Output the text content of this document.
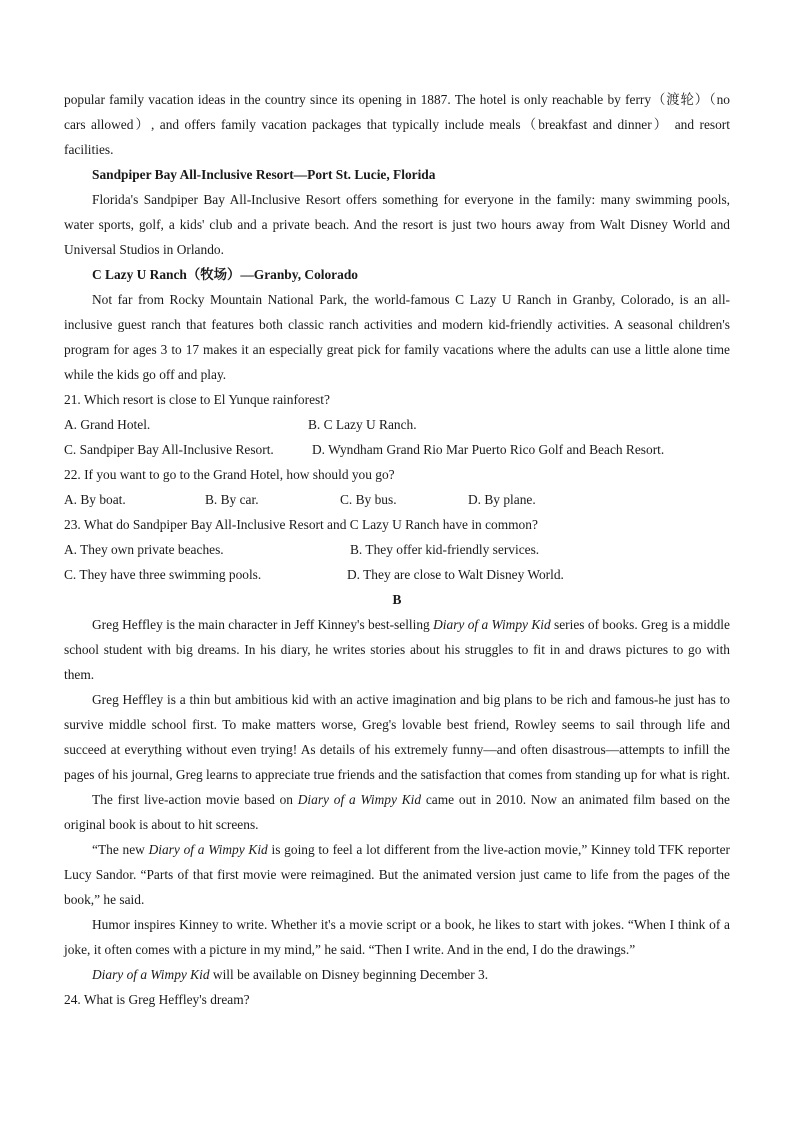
popular family vacation ideas in the country since its opening in 1887. The hotel is only reachable by ferry（渡轮）（no cars allowed）, and offers family vacation packages that typically include meals（breakfast and dinner） and resort facilities.

Sandpiper Bay All-Inclusive Resort—Port St. Lucie, Florida

Florida's Sandpiper Bay All-Inclusive Resort offers something for everyone in the family: many swimming pools, water sports, golf, a kids' club and a private beach. And the resort is just two hours away from Walt Disney World and Universal Studios in Orlando.

C Lazy U Ranch（牧场）—Granby, Colorado

Not far from Rocky Mountain National Park, the world-famous C Lazy U Ranch in Granby, Colorado, is an all-inclusive guest ranch that features both classic ranch activities and modern kid-friendly activities. A seasonal children's program for ages 3 to 17 makes it an especially great pick for family vacations where the adults can use a little alone time while the kids go off and play.

21. Which resort is close to El Yunque rainforest?

A. Grand Hotel.	B. C Lazy U Ranch.
C. Sandpiper Bay All-Inclusive Resort.	D. Wyndham Grand Rio Mar Puerto Rico Golf and Beach Resort.

22. If you want to go to the Grand Hotel, how should you go?

A. By boat.	B. By car.	C. By bus.	D. By plane.

23. What do Sandpiper Bay All-Inclusive Resort and C Lazy U Ranch have in common?

A. They own private beaches.	B. They offer kid-friendly services.
C. They have three swimming pools.	D. They are close to Walt Disney World.

B

Greg Heffley is the main character in Jeff Kinney's best-selling Diary of a Wimpy Kid series of books. Greg is a middle school student with big dreams. In his diary, he writes stories about his struggles to fit in and draws pictures to go with them.

Greg Heffley is a thin but ambitious kid with an active imagination and big plans to be rich and famous-he just has to survive middle school first. To make matters worse, Greg's lovable best friend, Rowley seems to sail through life and succeed at everything without even trying! As details of his extremely funny—and often disastrous—attempts to infill the pages of his journal, Greg learns to appreciate true friends and the satisfaction that comes from standing up for what is right.

The first live-action movie based on Diary of a Wimpy Kid came out in 2010. Now an animated film based on the original book is about to hit screens.

“The new Diary of a Wimpy Kid is going to feel a lot different from the live-action movie,” Kinney told TFK reporter Lucy Sandor. “Parts of that first movie were reimagined. But the animated version just came to life from the pages of the book,” he said.

Humor inspires Kinney to write. Whether it's a movie script or a book, he likes to start with jokes. “When I think of a joke, it often comes with a picture in my mind,” he said. “Then I write. And in the end, I do the drawings.”

Diary of a Wimpy Kid will be available on Disney beginning December 3.

24. What is Greg Heffley's dream?
